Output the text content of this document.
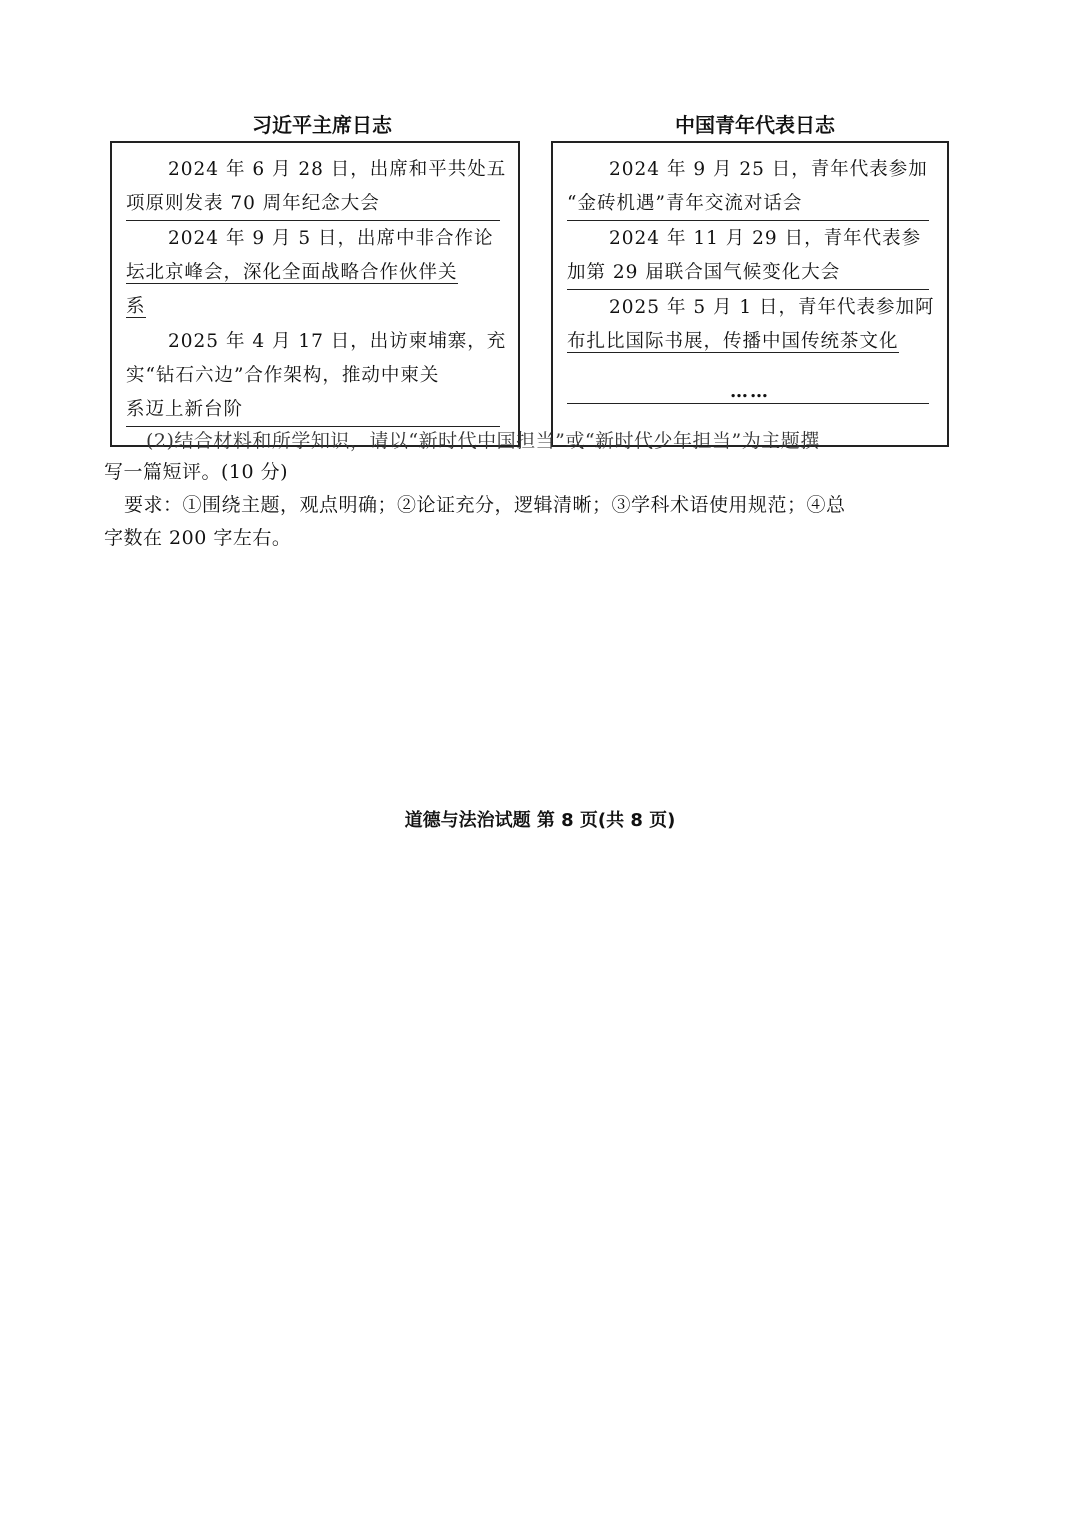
习近平主席日志	中国青年代表日志
2024 年 6 月 28 日，出席和平共处五
项原则发表 70 周年纪念大会
2024 年 9 月 5 日，出席中非合作论
坛北京峰会，深化全面战略合作伙伴关
系
2025 年 4 月 17 日，出访柬埔寨，充
实“钻石六边”合作架构，推动中柬关
系迈上新台阶
2024 年 9 月 25 日，青年代表参加
“金砖机遇”青年交流对话会
2024 年 11 月 29 日，青年代表参
加第 29 届联合国气候变化大会
2025 年 5 月 1 日，青年代表参加阿
布扎比国际书展，传播中国传统茶文化
……
(2)结合材料和所学知识，请以“新时代中国担当”或“新时代少年担当”为主题撰
写一篇短评。(10 分)
要求：①围绕主题，观点明确；②论证充分，逻辑清晰；③学科术语使用规范；④总
字数在 200 字左右。
道德与法治试题 第 8 页(共 8 页)
